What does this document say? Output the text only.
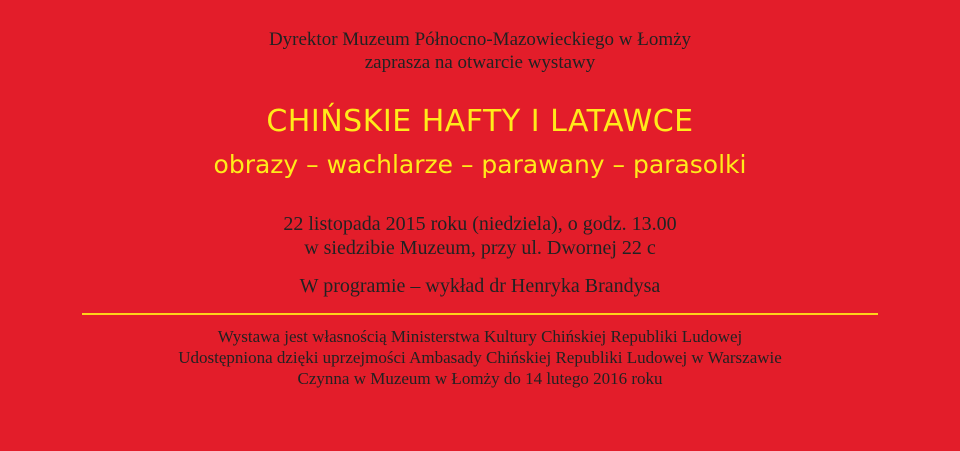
Dyrektor Muzeum Północno-Mazowieckiego w Łomży
zaprasza na otwarcie wystawy
CHIŃSKIE HAFTY I LATAWCE
obrazy – wachlarze – parawany – parasolki
22 listopada 2015 roku (niedziela), o godz. 13.00
w siedzibie Muzeum, przy ul. Dwornej 22 c
W programie – wykład dr Henryka Brandysa
Wystawa jest własnością Ministerstwa Kultury Chińskiej Republiki Ludowej
Udostępniona dzięki uprzejmości Ambasady Chińskiej Republiki Ludowej w Warszawie
Czynna w Muzeum w Łomży do 14 lutego 2016 roku
